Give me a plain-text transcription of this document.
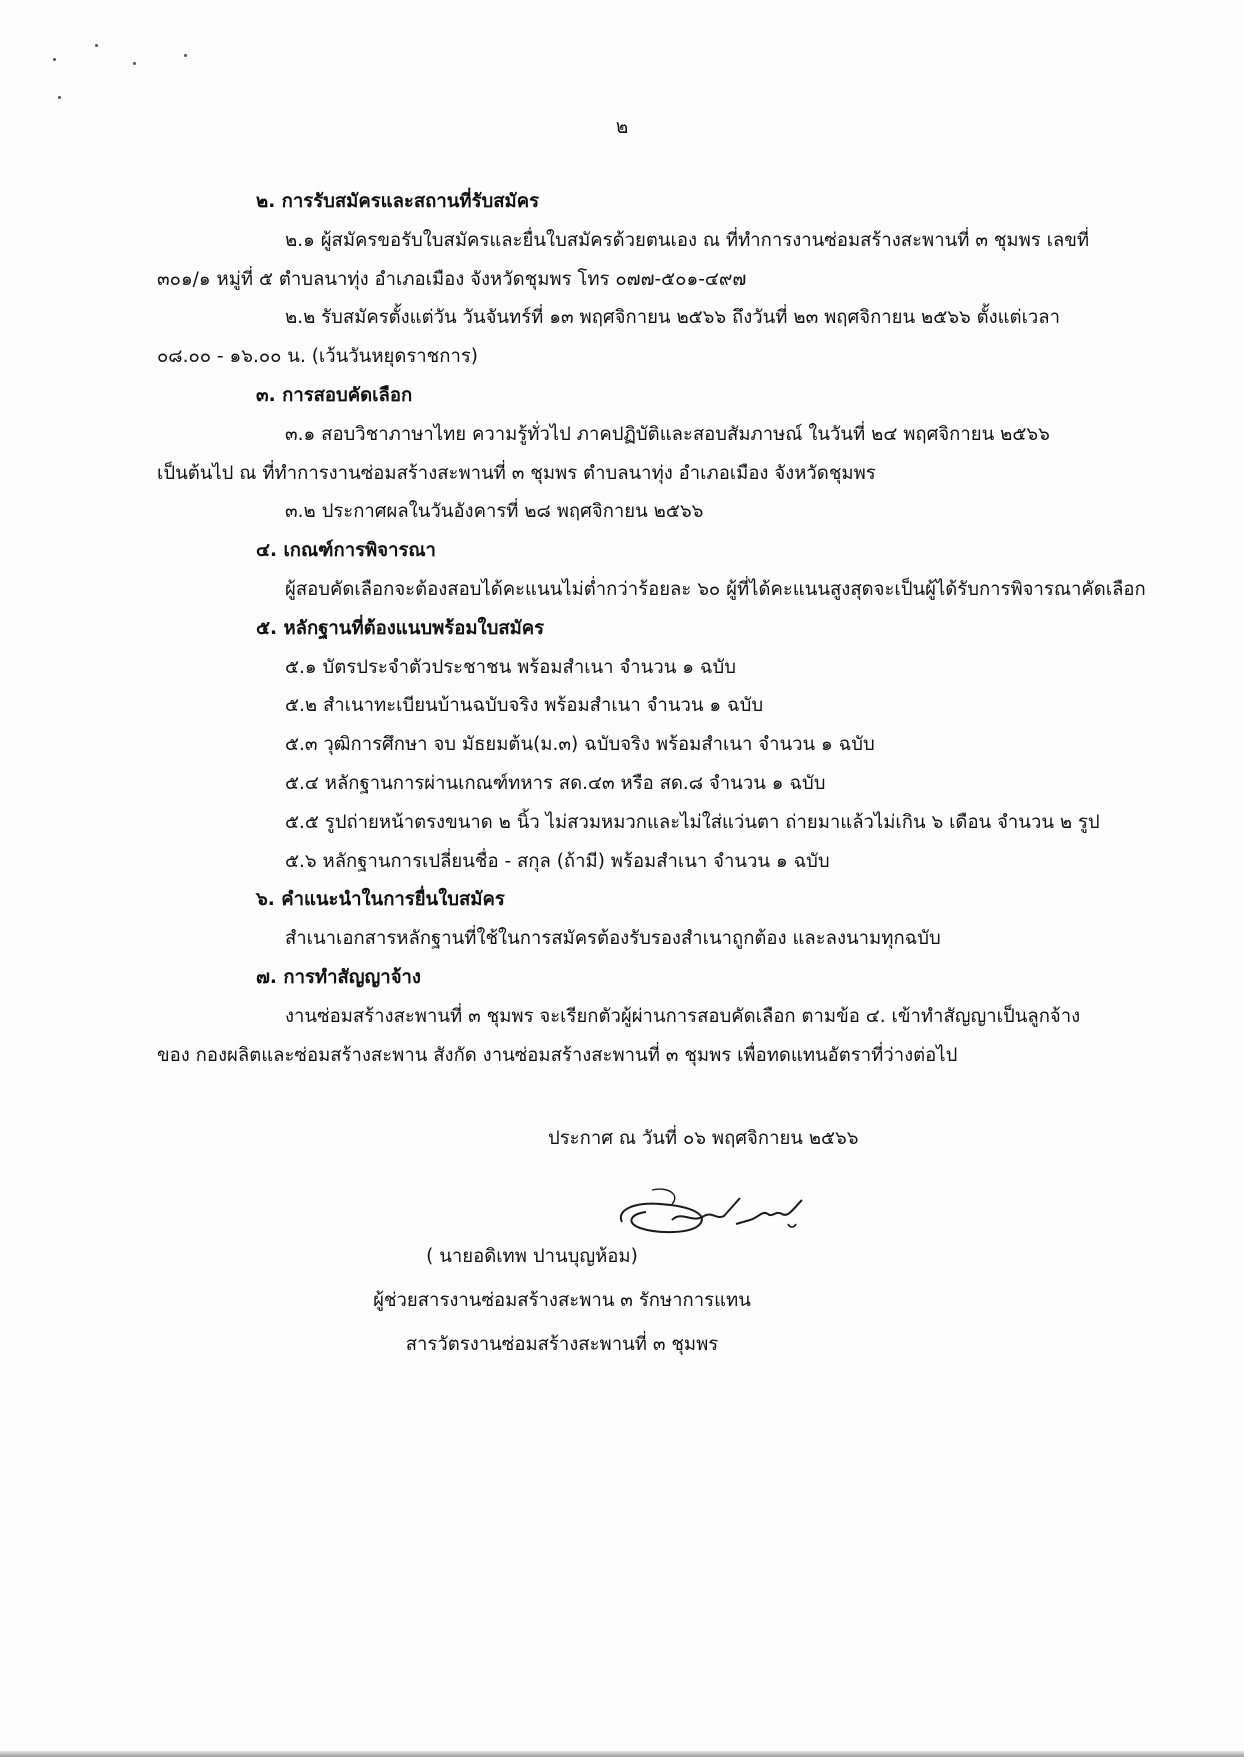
๒

๒. การรับสมัครและสถานที่รับสมัคร

๒.๑ ผู้สมัครขอรับใบสมัครและยื่นใบสมัครด้วยตนเอง ณ ที่ทำการงานซ่อมสร้างสะพานที่ ๓ ชุมพร เลขที่

๓๐๑/๑ หมู่ที่ ๕ ตำบลนาทุ่ง อำเภอเมือง จังหวัดชุมพร โทร ๐๗๗-๕๐๑-๔๙๗

๒.๒ รับสมัครตั้งแต่วัน วันจันทร์ที่ ๑๓ พฤศจิกายน ๒๕๖๖ ถึงวันที่ ๒๓ พฤศจิกายน ๒๕๖๖ ตั้งแต่เวลา

๐๘.๐๐ - ๑๖.๐๐ น. (เว้นวันหยุดราชการ)

๓. การสอบคัดเลือก

๓.๑ สอบวิชาภาษาไทย ความรู้ทั่วไป ภาคปฏิบัติและสอบสัมภาษณ์ ในวันที่ ๒๔ พฤศจิกายน ๒๕๖๖

เป็นต้นไป ณ ที่ทำการงานซ่อมสร้างสะพานที่ ๓ ชุมพร ตำบลนาทุ่ง อำเภอเมือง จังหวัดชุมพร

๓.๒ ประกาศผลในวันอังคารที่ ๒๘ พฤศจิกายน ๒๕๖๖

๔. เกณฑ์การพิจารณา

ผู้สอบคัดเลือกจะต้องสอบได้คะแนนไม่ต่ำกว่าร้อยละ ๖๐ ผู้ที่ได้คะแนนสูงสุดจะเป็นผู้ได้รับการพิจารณาคัดเลือก

๕. หลักฐานที่ต้องแนบพร้อมใบสมัคร

๕.๑ บัตรประจำตัวประชาชน พร้อมสำเนา จำนวน ๑ ฉบับ

๕.๒ สำเนาทะเบียนบ้านฉบับจริง พร้อมสำเนา จำนวน ๑ ฉบับ

๕.๓ วุฒิการศึกษา จบ มัธยมต้น(ม.๓) ฉบับจริง พร้อมสำเนา จำนวน ๑ ฉบับ

๕.๔ หลักฐานการผ่านเกณฑ์ทหาร สด.๔๓ หรือ สด.๘ จำนวน ๑ ฉบับ

๕.๕ รูปถ่ายหน้าตรงขนาด ๒ นิ้ว ไม่สวมหมวกและไม่ใส่แว่นตา ถ่ายมาแล้วไม่เกิน ๖ เดือน จำนวน ๒ รูป

๕.๖ หลักฐานการเปลี่ยนชื่อ - สกุล (ถ้ามี) พร้อมสำเนา จำนวน ๑ ฉบับ

๖. คำแนะนำในการยื่นใบสมัคร

สำเนาเอกสารหลักฐานที่ใช้ในการสมัครต้องรับรองสำเนาถูกต้อง และลงนามทุกฉบับ

๗. การทำสัญญาจ้าง

งานซ่อมสร้างสะพานที่ ๓ ชุมพร จะเรียกตัวผู้ผ่านการสอบคัดเลือก ตามข้อ ๔. เข้าทำสัญญาเป็นลูกจ้าง

ของ กองผลิตและซ่อมสร้างสะพาน สังกัด งานซ่อมสร้างสะพานที่ ๓ ชุมพร เพื่อทดแทนอัตราที่ว่างต่อไป

ประกาศ ณ วันที่ ๐๖ พฤศจิกายน ๒๕๖๖

( นายอดิเทพ ปานบุญห้อม)

ผู้ช่วยสารงานซ่อมสร้างสะพาน ๓ รักษาการแทน

สารวัตรงานซ่อมสร้างสะพานที่ ๓ ชุมพร
